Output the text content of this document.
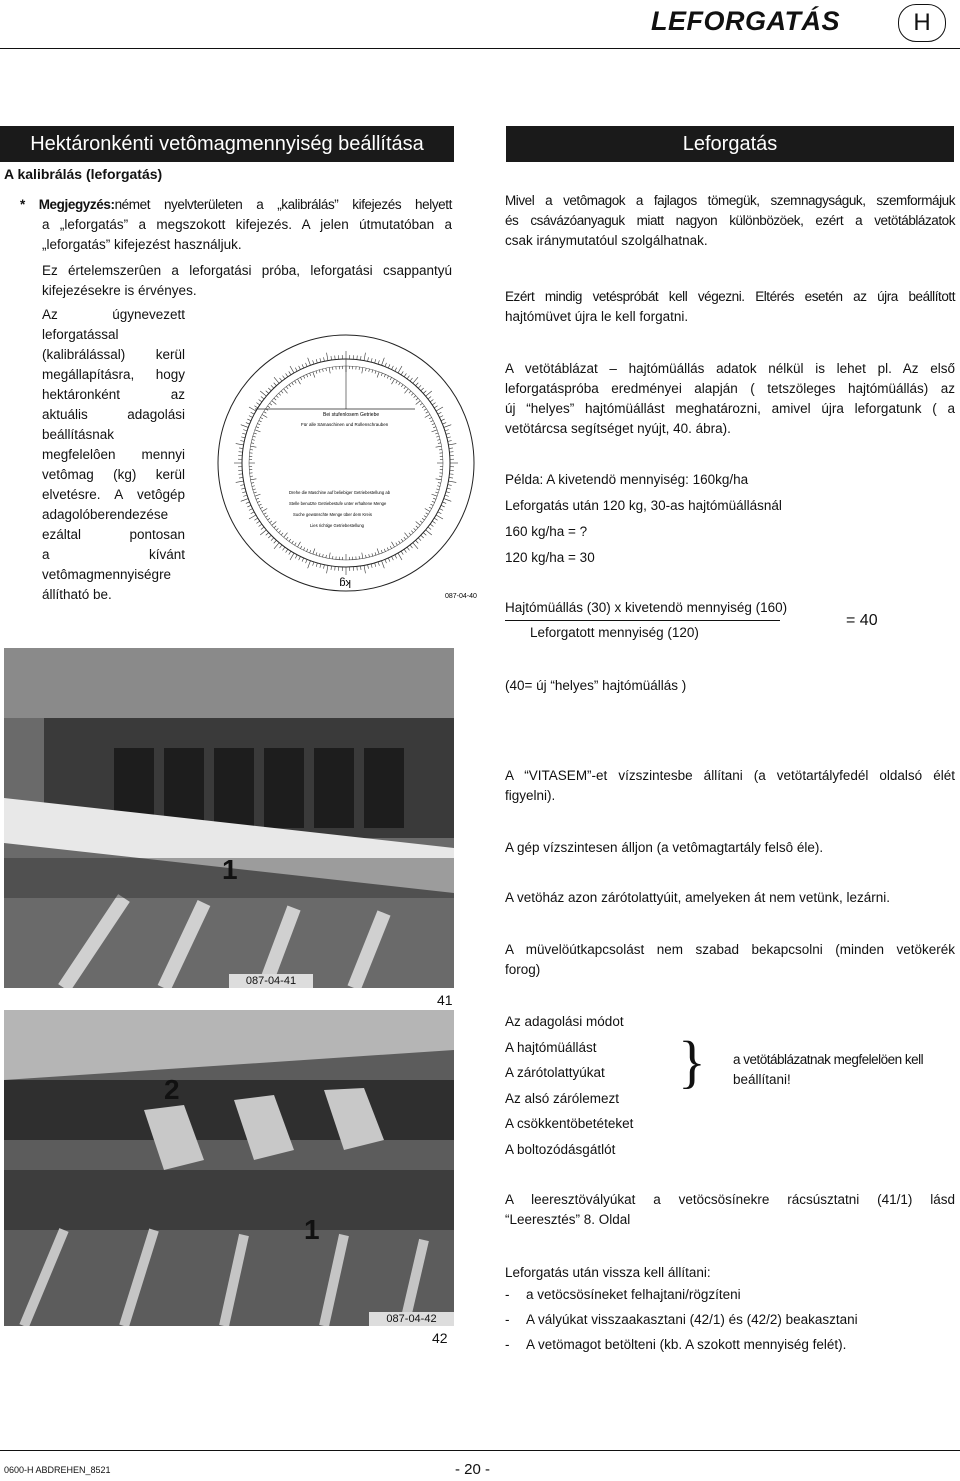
LEFORGATÁS	H
Hektáronkénti vetômagmennyiség beállítása
A kalibrálás (leforgatás)
* Megjegyzés:német nyelvterületen a „kalibrálás” kifejezés helyett
a „leforgatás” a megszokott kifejezés. A jelen útmutatóban a
„leforgatás” kifejezést használjuk.
Ez értelemszerûen a leforgatási próba, leforgatási csappantyú
kifejezésekre is érvényes.
Az úgynevezett
leforgatással
(kalibrálással) kerül
megállapításra, hogy
hektáronként az
aktuális adagolási
beállításnak
megfelelôen mennyi
vetômag (kg) kerül
elvetésre. A vetôgép
adagolóberendezése
ezáltal pontosan
a kívánt
vetômagmennyiségre
állítható be.
Bei stufenlosem Getriebe
Für alle Sämaschinen und Rollenschrauben
Drehe die Maschine auf beliebiger Getriebestellung ab
Stelle benutzte Getriebestufe unter erhaltene Menge
Suche gewünschte Menge über dem Kreis
Lies richtige Getriebestellung
kg
087-04-40
1
087-04-41
41
2
1
087-04-42
42
Leforgatás
Mivel a vetômagok a fajlagos tömegük, szemnagyságuk, szemformájuk
és csávázóanyaguk miatt nagyon különbözöek, ezért a vetötáblázatok
csak iránymutatóul szolgálhatnak.
Ezért mindig vetéspróbát kell végezni. Eltérés esetén az újra beállított
hajtómüvet újra le kell forgatni.
A vetötáblázat – hajtómüállás adatok nélkül is lehet pl. Az első
leforgatáspróba eredményei alapján ( tetszöleges hajtómüállás) az
új “helyes” hajtómüállást meghatározni, amivel újra leforgatunk ( a
vetötárcsa segítséget nyújt, 40. ábra).
Példa: A kivetendö mennyiség: 160kg/ha
Leforgatás után 120 kg, 30-as hajtómüállásnál
160 kg/ha = ?
120 kg/ha = 30
Hajtómüállás (30) x kivetendö mennyiség (160)
Leforgatott mennyiség (120)
= 40
(40= új “helyes” hajtómüállás )
A “VITASEM”-et vízszintesbe állítani (a vetötartályfedél oldalsó élét
figyelni).
A gép vízszintesen álljon (a vetômagtartály felsô éle).
A vetöház azon zárótolattyúit, amelyeken át nem vetünk, lezárni.
A müvelöútkapcsolást nem szabad bekapcsolni (minden vetökerék
forog)
Az adagolási módot
A hajtómüállást
A zárótolattyúkat
Az alsó zárólemezt
A csökkentöbetéteket
A boltozódásgátlót
} a vetötáblázatnak megfelelöen kell
beállítani!
A leeresztövályúkat a vetöcsösínekre rácsúsztatni (41/1) lásd
“Leeresztés” 8. Oldal
Leforgatás után vissza kell állítani:
-	a vetöcsösíneket felhajtani/rögzíteni
-	A vályúkat visszaakasztani (42/1) és (42/2) beakasztani
-	A vetömagot betölteni (kb. A szokott mennyiség felét).
0600-H ABDREHEN_8521	- 20 -
